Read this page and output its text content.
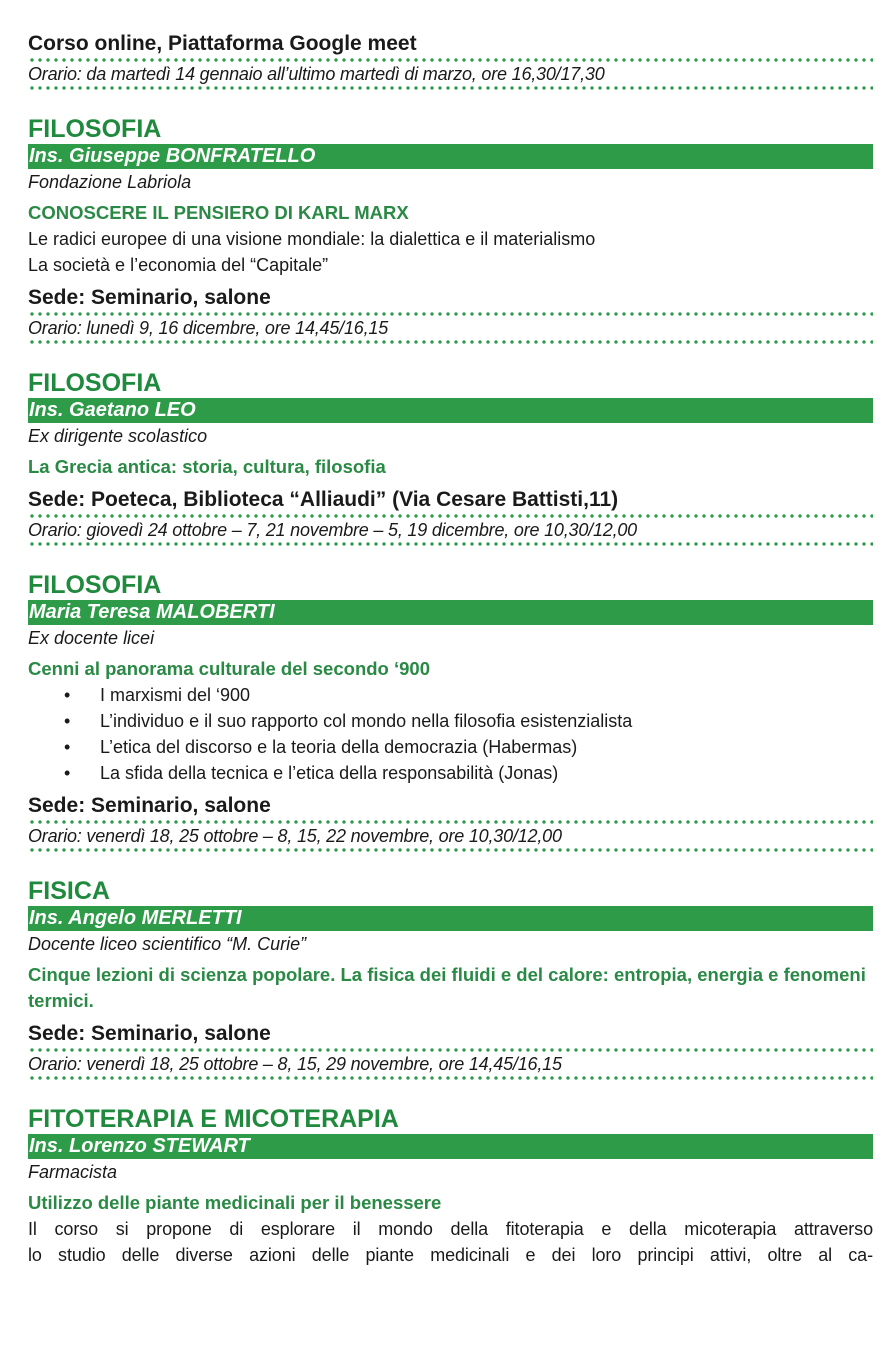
Corso online, Piattaforma Google meet
Orario: da martedì 14 gennaio all’ultimo martedì di marzo, ore 16,30/17,30
FILOSOFIA
Ins. Giuseppe BONFRATELLO
Fondazione Labriola
CONOSCERE IL PENSIERO DI KARL MARX
Le radici europee di una visione mondiale: la dialettica e il materialismo
La società e l’economia del “Capitale”
Sede: Seminario, salone
Orario: lunedì 9, 16 dicembre, ore 14,45/16,15
FILOSOFIA
Ins. Gaetano LEO
Ex dirigente scolastico
La Grecia antica: storia, cultura, filosofia
Sede: Poeteca, Biblioteca “Alliaudi” (Via Cesare Battisti,11)
Orario: giovedì 24 ottobre – 7, 21 novembre – 5, 19 dicembre, ore 10,30/12,00
FILOSOFIA
Maria Teresa MALOBERTI
Ex docente licei
Cenni al panorama culturale del secondo ‘900
• I marxismi del ‘900
• L’individuo e il suo rapporto col mondo nella filosofia esistenzialista
• L’etica del discorso e la teoria della democrazia (Habermas)
• La sfida della tecnica e l’etica della responsabilità (Jonas)
Sede: Seminario, salone
Orario: venerdì 18, 25 ottobre – 8, 15, 22 novembre, ore 10,30/12,00
FISICA
Ins. Angelo MERLETTI
Docente liceo scientifico “M. Curie”
Cinque lezioni di scienza popolare. La fisica dei fluidi e del calore: entropia, energia e fenomeni termici.
Sede: Seminario, salone
Orario: venerdì 18, 25 ottobre – 8, 15, 29 novembre, ore 14,45/16,15
FITOTERAPIA E MICOTERAPIA
Ins. Lorenzo STEWART
Farmacista
Utilizzo delle piante medicinali per il benessere
Il corso si propone di esplorare il mondo della fitoterapia e della micoterapia attraverso
lo studio delle diverse azioni delle piante medicinali e dei loro principi attivi, oltre al ca-
